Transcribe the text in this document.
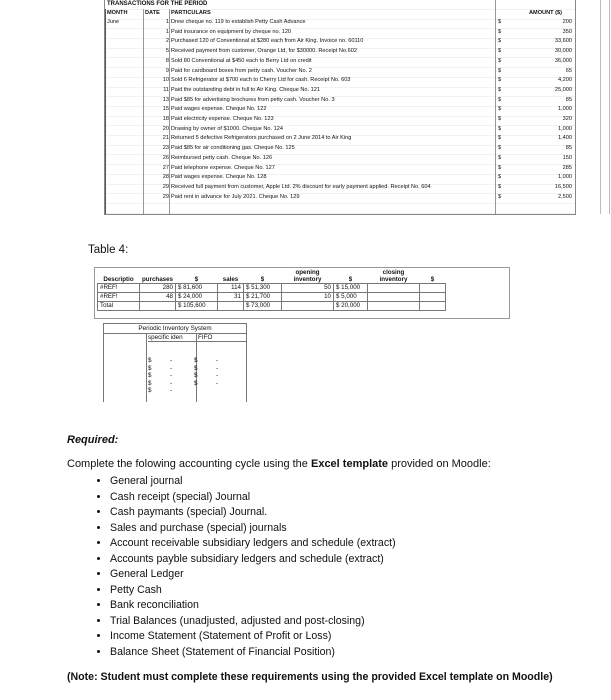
TRANSACTIONS FOR THE PERIOD
MONTH	DATE PARTICULARS	AMOUNT ($)
June	1 Drew cheque no. 119 to establish Petty Cash Advance	$	200
1 Paid insurance on equipment by cheque no. 120	$	350
2 Purchased 120 of Conventional at $280 each from Air King. Invoice no. 60110	$	33,600
5 Received payment from customer, Orange Ltd, for $30000. Receipt No.602	$	30,000
8 Sold 80 Conventional at $450 each to Berry Ltd on credit	$	36,000
9 Paid for cardboard boxes from petty cash. Voucher No. 2	$	65
10 Sold 6 Refrigerator at $700 each to Cherry Ltd for cash. Receipt No. 603	$	4,200
11 Paid the outstanding debt in full to Air King. Cheque No. 121	$	25,000
13 Paid $85 for advertising brochures from petty cash. Voucher No. 3	$	85
15 Paid wages expense. Cheque No. 122	$	1,000
18 Paid electricity expense. Cheque No. 123	$	320
20 Drawing by owner of $1000. Cheque No. 124	$	1,000
21 Returned 5 defective Refrigerators purchased on 2 June 2014 to Air King	$	1,400
23 Paid $85 for air conditioning gas. Cheque No. 125	$	85
26 Reimbursed petty cash. Cheque No. 126	$	150
27 Paid telephone expense. Cheque No. 127	$	285
28 Paid wages expense. Cheque No. 128	$	1,000
29 Received full payment from customer, Apple Ltd. 2% discount for early payment applied. Receipt No. 604	$	16,500
29 Paid rent in advance for July 2021. Cheque No. 129	$	2,500
Table 4:
Descriptio	purchases	$	sales	$	opening inventory	$	closing inventory	$
#REF!	280	$ 81,600	114	$ 51,300	50	$ 15,000		
#REF!	48	$ 24,000	31	$ 21,700	10	$ 5,000		
Total		$ 105,600		$ 73,000		$ 20,000		
Periodic Inventory System
specific iden	FIFO
$	-	$	-
$	-	$	-
$	-	$	-
$	-	$	-
$	-
Required:
Complete the folowing accounting cycle using the Excel template provided on Moodle:
• General journal
• Cash receipt (special) Journal
• Cash paymants (special) Journal.
• Sales and purchase (special) journals
• Account receivable subsidiary ledgers and schedule (extract)
• Accounts payble subsidiary ledgers and schedule (extract)
• General Ledger
• Petty Cash
• Bank reconciliation
• Trial Balances (unadjusted, adjusted and post-closing)
• Income Statement (Statement of Profit or Loss)
• Balance Sheet (Statement of Financial Position)
(Note: Student must complete these requirements using the provided Excel template on Moodle)
